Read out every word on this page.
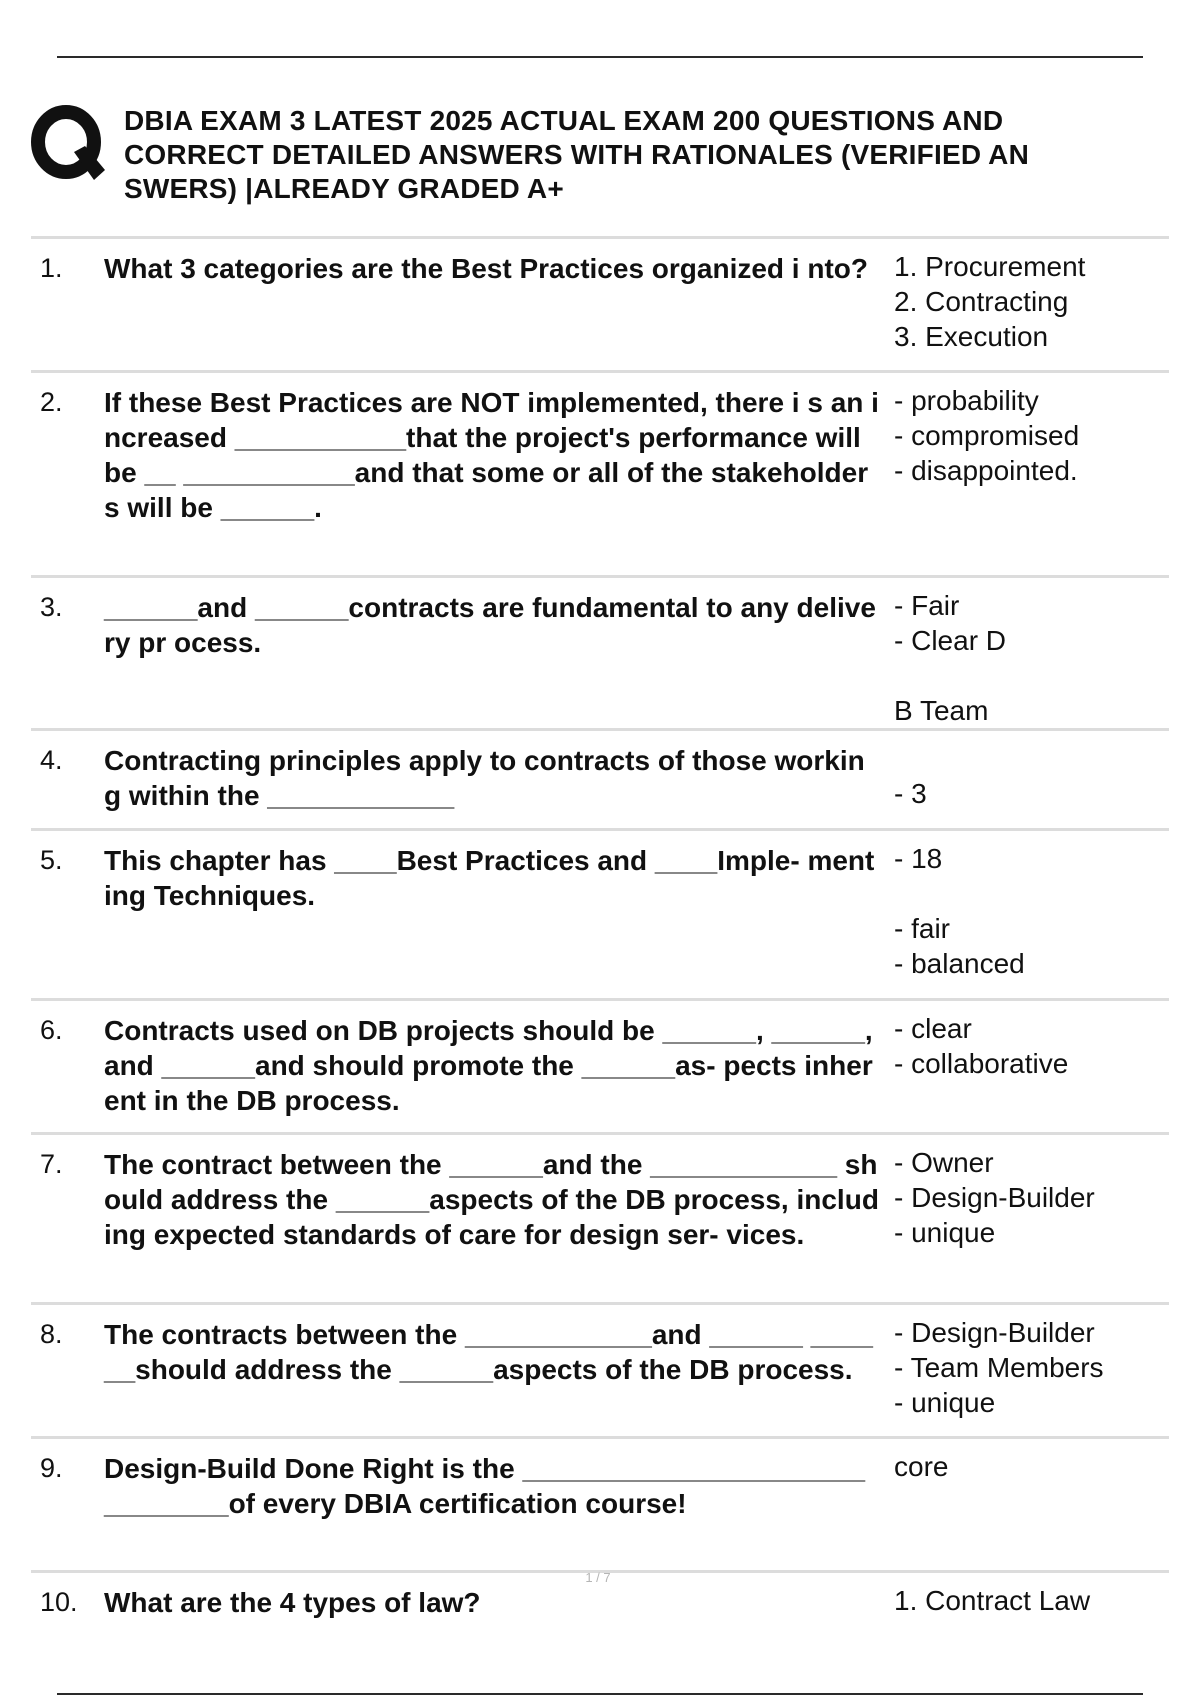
DBIA EXAM 3 LATEST 2025 ACTUAL EXAM 200 QUESTIONS AND CORRECT DETAILED ANSWERS WITH RATIONALES (VERIFIED AN SWERS) |ALREADY GRADED A+
1.	What 3 categories are the Best Practices organized i nto?	1. Procurement
2. Contracting
3. Execution
2.	If these Best Practices are NOT implemented, there i s an increased ___________that the project's performance will be __ ___________and that some or all of the stakeholders will be ______.	- probability
- compromised
- disappointed.
3.	______and ______contracts are fundamental to any delivery pr ocess.	- Fair
- Clear D

B Team
4.	Contracting principles apply to contracts of those working within the ____________	
- 3
5.	This chapter has ____Best Practices and ____Imple- menting Techniques.	- 18

- fair
- balanced
6.	Contracts used on DB projects should be ______, ______, and ______and should promote the ______as- pects inherent in the DB process.	- clear
- collaborative
7.	The contract between the ______and the ____________ should address the ______aspects of the DB process, including expected standards of care for design ser- vices.	- Owner
- Design-Builder
- unique
8.	The contracts between the ____________and ______ ______should address the ______aspects of the DB process.	- Design-Builder
- Team Members
- unique
9.	Design-Build Done Right is the ______________________________of every DBIA certification course!	core
10.	What are the 4 types of law?	1. Contract Law
1 / 7
